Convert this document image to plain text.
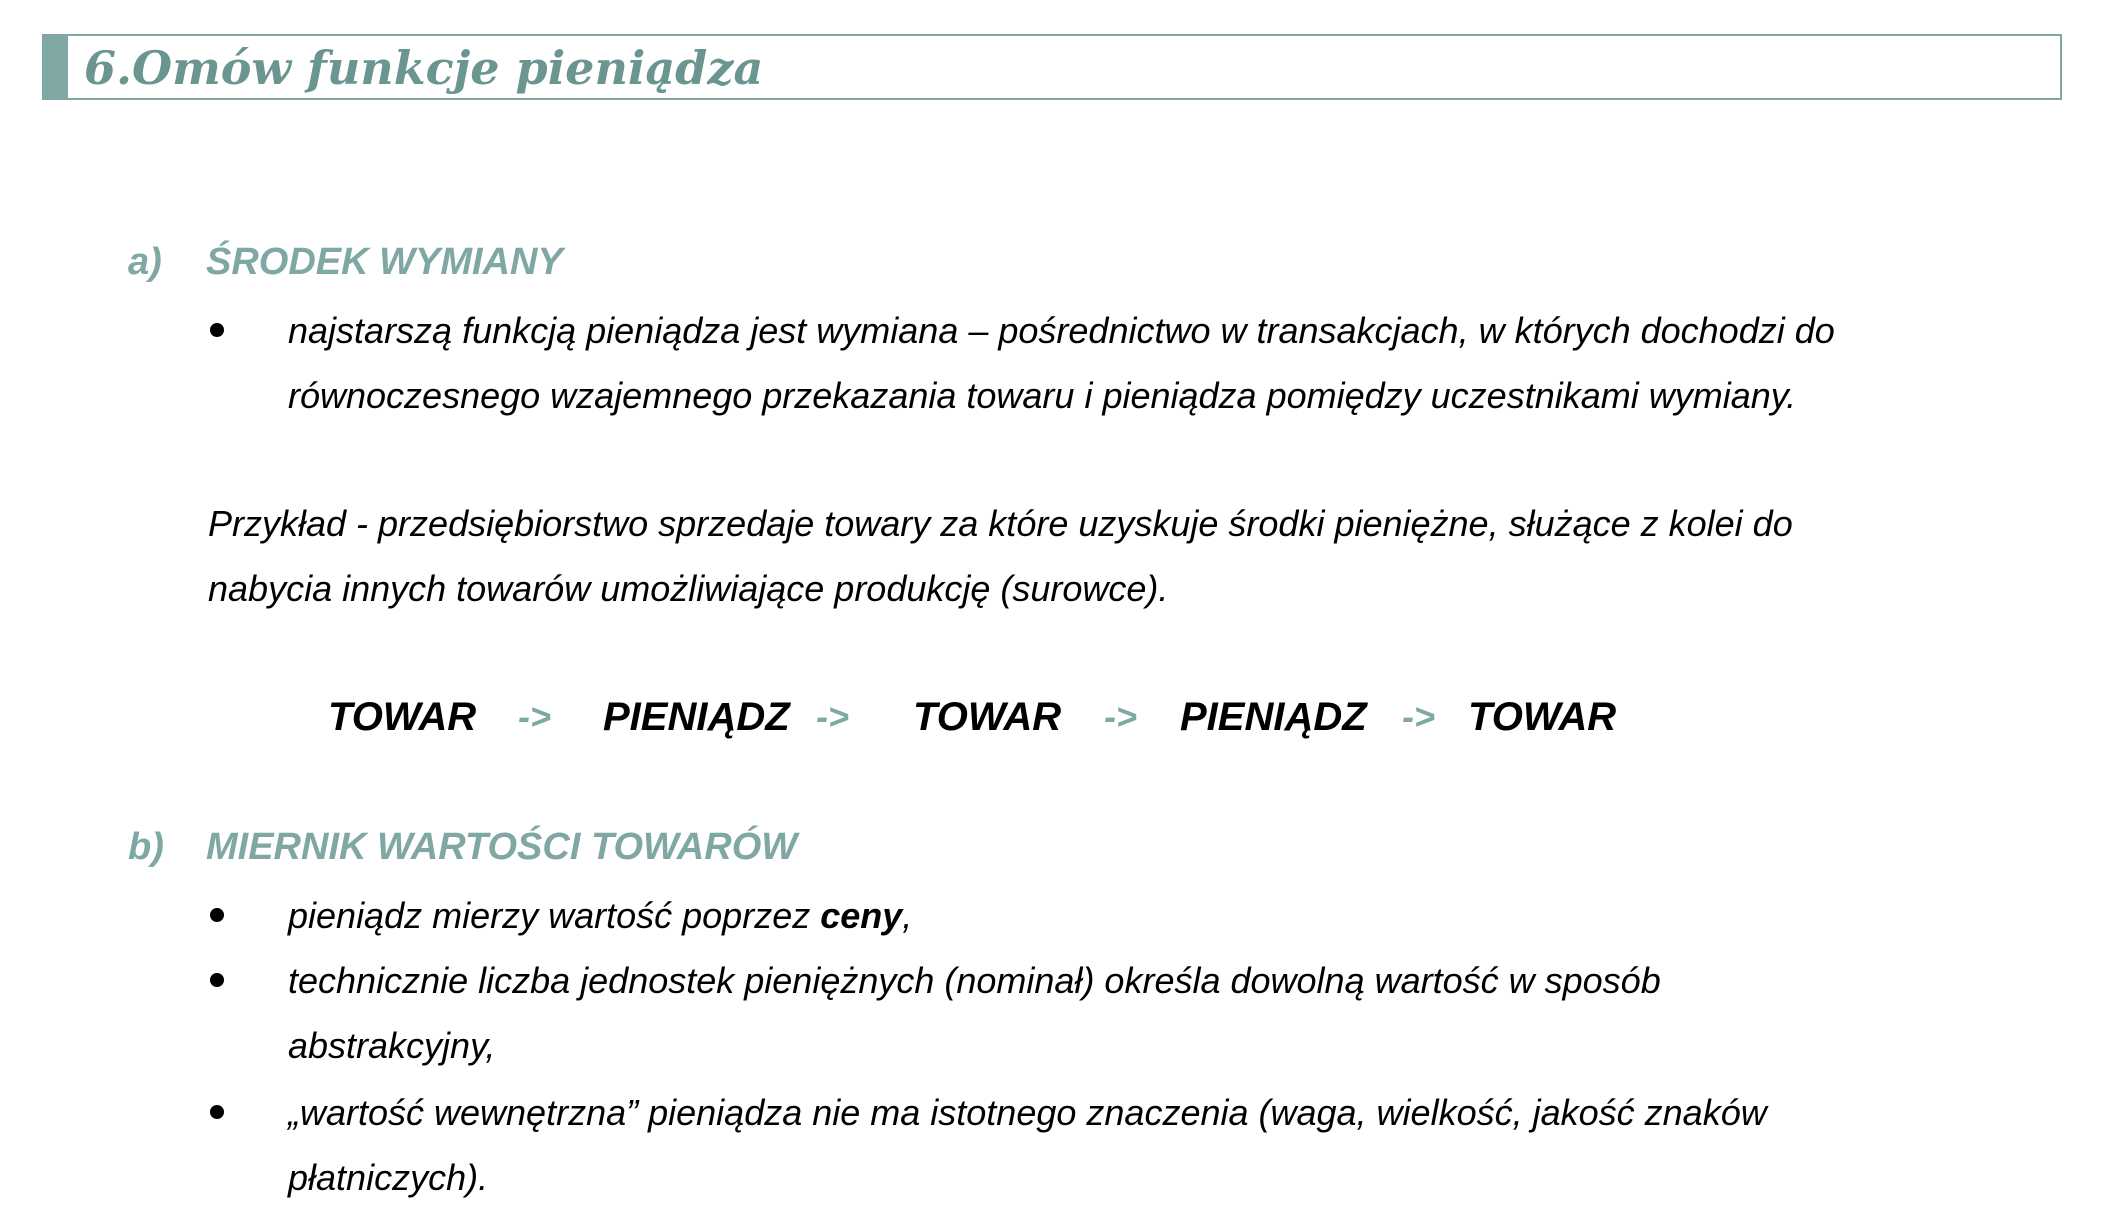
6.Omów funkcje pieniądza
a) ŚRODEK WYMIANY
najstarszą funkcją pieniądza jest wymiana – pośrednictwo w transakcjach, w których dochodzi do
równoczesnego wzajemnego przekazania towaru i pieniądza pomiędzy uczestnikami wymiany.
Przykład - przedsiębiorstwo sprzedaje towary za które uzyskuje środki pieniężne, służące z kolei do
nabycia innych towarów umożliwiające produkcję (surowce).
TOWAR -> PIENIĄDZ -> TOWAR -> PIENIĄDZ -> TOWAR
b) MIERNIK WARTOŚCI TOWARÓW
pieniądz mierzy wartość poprzez ceny,
technicznie liczba jednostek pieniężnych (nominał) określa dowolną wartość w sposób
abstrakcyjny,
„wartość wewnętrzna” pieniądza nie ma istotnego znaczenia (waga, wielkość, jakość znaków
płatniczych).
